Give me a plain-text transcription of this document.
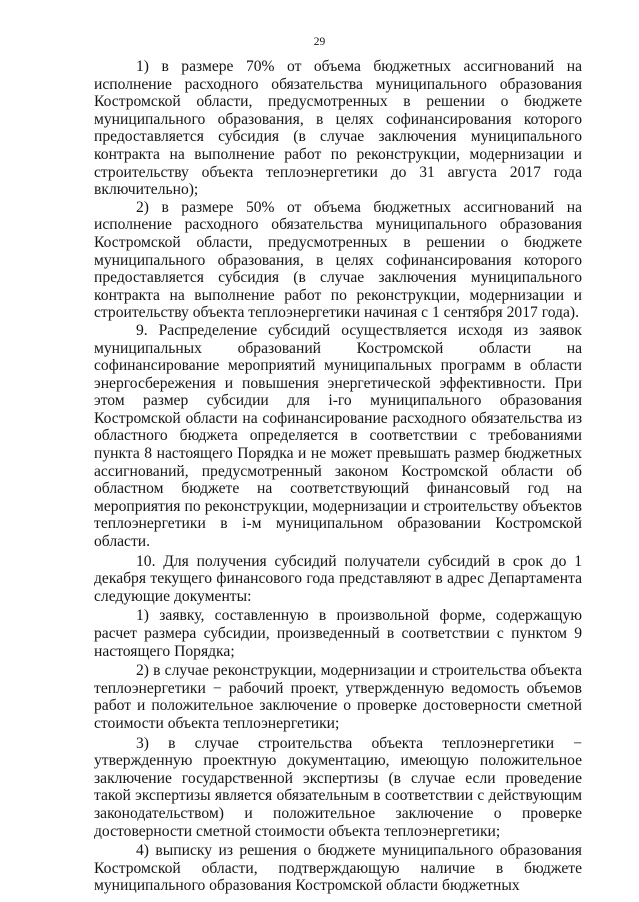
29

1) в размере 70% от объема бюджетных ассигнований на исполнение расходного обязательства муниципального образования Костромской области, предусмотренных в решении о бюджете муниципального образования, в целях софинансирования которого предоставляется субсидия (в случае заключения муниципального контракта на выполнение работ по реконструкции, модернизации и строительству объекта теплоэнергетики до 31 августа 2017 года включительно);

2) в размере 50% от объема бюджетных ассигнований на исполнение расходного обязательства муниципального образования Костромской области, предусмотренных в решении о бюджете муниципального образования, в целях софинансирования которого предоставляется субсидия (в случае заключения муниципального контракта на выполнение работ по реконструкции, модернизации и строительству объекта теплоэнергетики начиная с 1 сентября 2017 года).

9. Распределение субсидий осуществляется исходя из заявок муниципальных образований Костромской области на софинансирование мероприятий муниципальных программ в области энергосбережения и повышения энергетической эффективности. При этом размер субсидии для i-го муниципального образования Костромской области на софинансирование расходного обязательства из областного бюджета определяется в соответствии с требованиями пункта 8 настоящего Порядка и не может превышать размер бюджетных ассигнований, предусмотренный законом Костромской области об областном бюджете на соответствующий финансовый год на мероприятия по реконструкции, модернизации и строительству объектов теплоэнергетики в i-м муниципальном образовании Костромской области.

10. Для получения субсидий получатели субсидий в срок до 1 декабря текущего финансового года представляют в адрес Департамента следующие документы:

1) заявку, составленную в произвольной форме, содержащую расчет размера субсидии, произведенный в соответствии с пунктом 9 настоящего Порядка;

2) в случае реконструкции, модернизации и строительства объекта теплоэнергетики − рабочий проект, утвержденную ведомость объемов работ и положительное заключение о проверке достоверности сметной стоимости объекта теплоэнергетики;

3) в случае строительства объекта теплоэнергетики − утвержденную проектную документацию, имеющую положительное заключение государственной экспертизы (в случае если проведение такой экспертизы является обязательным в соответствии с действующим законодательством) и положительное заключение о проверке достоверности сметной стоимости объекта теплоэнергетики;

4) выписку из решения о бюджете муниципального образования Костромской области, подтверждающую наличие в бюджете муниципального образования Костромской области бюджетных
